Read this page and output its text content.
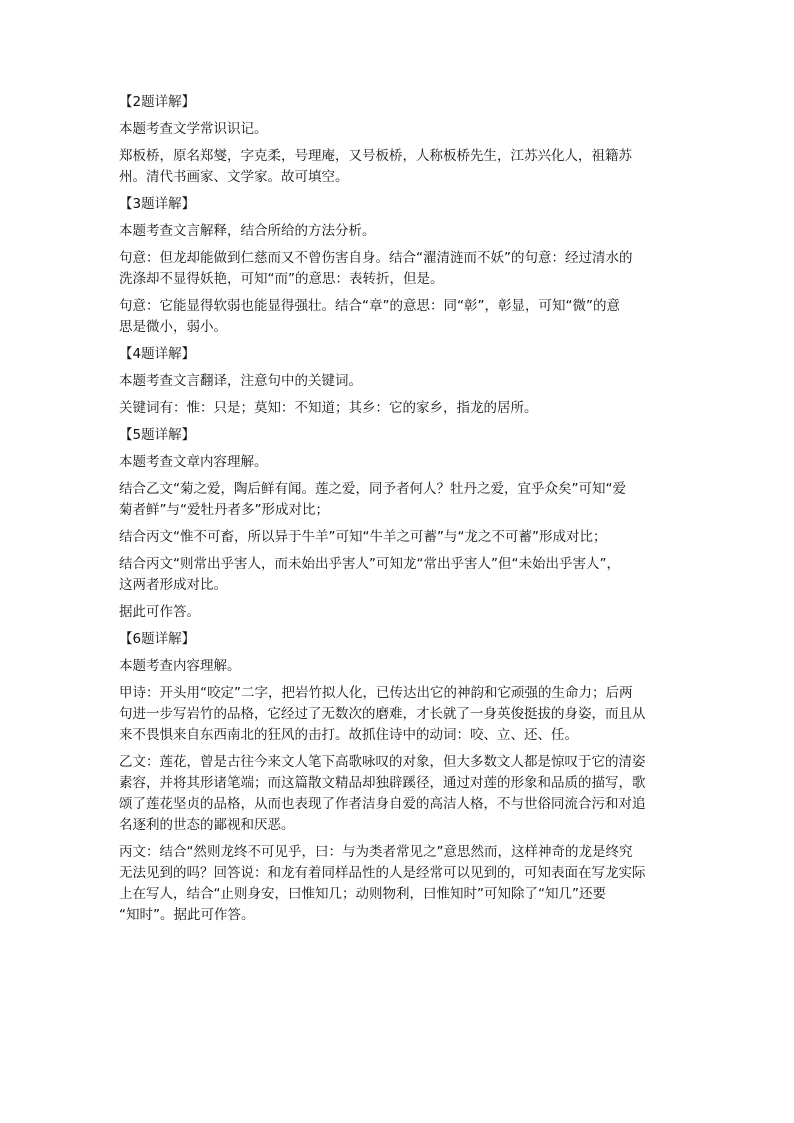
【2题详解】

本题考查文学常识识记。

郑板桥，原名郑燮，字克柔，号理庵，又号板桥，人称板桥先生，江苏兴化人，祖籍苏

州。清代书画家、文学家。故可填空。

【3题详解】

本题考查文言解释，结合所给的方法分析。

句意：但龙却能做到仁慈而又不曾伤害自身。结合“濯清涟而不妖”的句意：经过清水的

洗涤却不显得妖艳，可知“而”的意思：表转折，但是。

句意：它能显得软弱也能显得强壮。结合“章”的意思：同“彰”，彰显，可知“微”的意

思是微小，弱小。

【4题详解】

本题考查文言翻译，注意句中的关键词。

关键词有：惟：只是；莫知：不知道；其乡：它的家乡，指龙的居所。

【5题详解】

本题考查文章内容理解。

结合乙文“菊之爱，陶后鲜有闻。莲之爱，同予者何人？牡丹之爱，宜乎众矣”可知“爱

菊者鲜”与“爱牡丹者多”形成对比；

结合丙文“惟不可畜，所以异于牛羊”可知“牛羊之可蓄”与“龙之不可蓄”形成对比；

结合丙文“则常出乎害人，而未始出乎害人”可知龙“常出乎害人”但“未始出乎害人”，

这两者形成对比。

据此可作答。

【6题详解】

本题考查内容理解。

甲诗：开头用“咬定”二字，把岩竹拟人化，已传达出它的神韵和它顽强的生命力；后两

句进一步写岩竹的品格，它经过了无数次的磨难，才长就了一身英俊挺拔的身姿，而且从

来不畏惧来自东西南北的狂风的击打。故抓住诗中的动词：咬、立、还、任。

乙文：莲花，曾是古往今来文人笔下高歌咏叹的对象，但大多数文人都是惊叹于它的清姿

素容，并将其形诸笔端；而这篇散文精品却独辟蹊径，通过对莲的形象和品质的描写，歌

颂了莲花坚贞的品格，从而也表现了作者洁身自爱的高洁人格，不与世俗同流合污和对追

名逐利的世态的鄙视和厌恶。

丙文：结合“然则龙终不可见乎，曰：与为类者常见之”意思然而，这样神奇的龙是终究

无法见到的吗？回答说：和龙有着同样品性的人是经常可以见到的，可知表面在写龙实际

上在写人，结合“止则身安，曰惟知几；动则物利，曰惟知时”可知除了“知几”还要

“知时”。据此可作答。
